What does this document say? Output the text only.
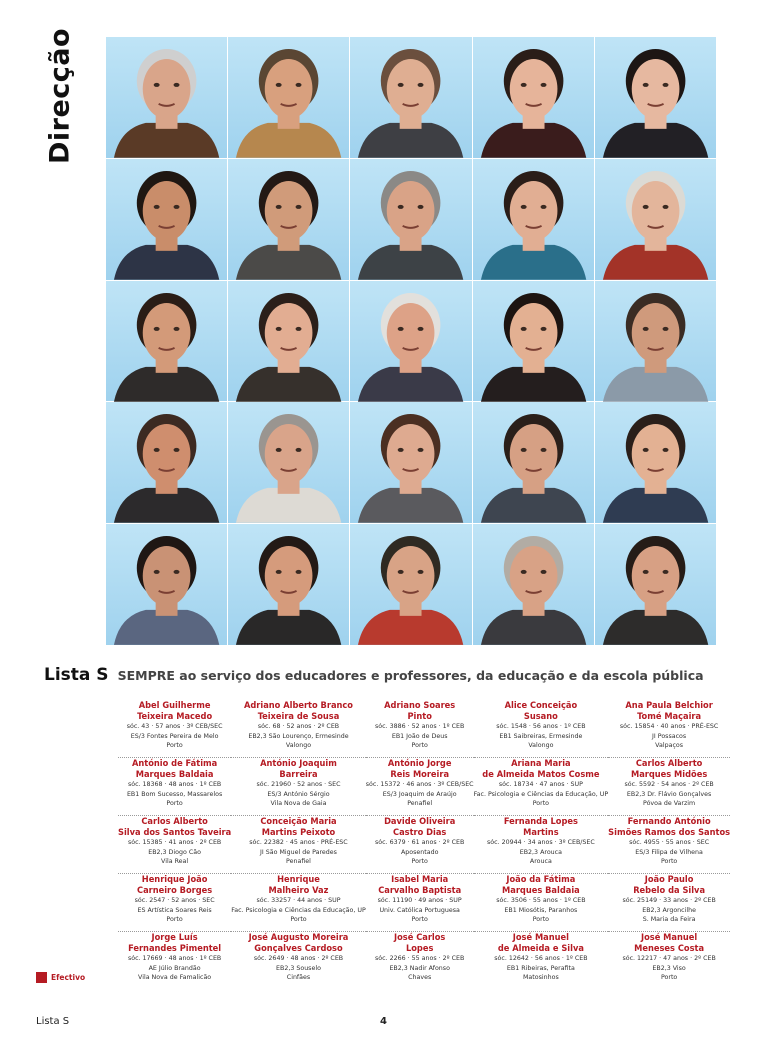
Direcção
Lista S SEMPRE ao serviço dos educadores e professores, da educação e da escola pública
Abel Guilherme
Teixeira Macedo
sóc. 43 · 57 anos · 3º CEB/SEC
ES/3 Fontes Pereira de Melo
Porto
Adriano Alberto Branco
Teixeira de Sousa
sóc. 68 · 52 anos · 2º CEB
EB2,3 São Lourenço, Ermesinde
Valongo
Adriano Soares
Pinto
sóc. 3886 · 52 anos · 1º CEB
EB1 João de Deus
Porto
Alice Conceição
Susano
sóc. 1548 · 56 anos · 1º CEB
EB1 Saibreiras, Ermesinde
Valongo
Ana Paula Belchior
Tomé Maçaira
sóc. 15854 · 40 anos · PRÉ-ESC
JI Possacos
Valpaços
António de Fátima
Marques Baldaia
sóc. 18368 · 48 anos · 1º CEB
EB1 Bom Sucesso, Massarelos
Porto
António Joaquim
Barreira
sóc. 21960 · 52 anos · SEC
ES/3 António Sérgio
Vila Nova de Gaia
António Jorge
Reis Moreira
sóc. 15372 · 46 anos · 3º CEB/SEC
ES/3 Joaquim de Araújo
Penafiel
Ariana Maria
de Almeida Matos Cosme
sóc. 18734 · 47 anos · SUP
Fac. Psicologia e Ciências da Educação, UP
Porto
Carlos Alberto
Marques Midões
sóc. 5592 · 54 anos · 2º CEB
EB2,3 Dr. Flávio Gonçalves
Póvoa de Varzim
Carlos Alberto
Silva dos Santos Taveira
sóc. 15385 · 41 anos · 2º CEB
EB2,3 Diogo Cão
Vila Real
Conceição Maria
Martins Peixoto
sóc. 22382 · 45 anos · PRÉ-ESC
JI São Miguel de Paredes
Penafiel
Davide Oliveira
Castro Dias
sóc. 6379 · 61 anos · 2º CEB
Aposentado
Porto
Fernanda Lopes
Martins
sóc. 20944 · 34 anos · 3º CEB/SEC
EB2,3 Arouca
Arouca
Fernando António
Simões Ramos dos Santos
sóc. 4955 · 55 anos · SEC
ES/3 Filipa de Vilhena
Porto
Henrique João
Carneiro Borges
sóc. 2547 · 52 anos · SEC
ES Artística Soares Reis
Porto
Henrique
Malheiro Vaz
sóc. 33257 · 44 anos · SUP
Fac. Psicologia e Ciências da Educação, UP
Porto
Isabel Maria
Carvalho Baptista
sóc. 11190 · 49 anos · SUP
Univ. Católica Portuguesa
Porto
João da Fátima
Marques Baldaia
sóc. 3506 · 55 anos · 1º CEB
EB1 Miosótis, Paranhos
Porto
João Paulo
Rebelo da Silva
sóc. 25149 · 33 anos · 2º CEB
EB2,3 Argoncilhe
S. Maria da Feira
Jorge Luís
Fernandes Pimentel
sóc. 17669 · 48 anos · 1º CEB
AE Júlio Brandão
Vila Nova de Famalicão
José Augusto Moreira
Gonçalves Cardoso
sóc. 2649 · 48 anos · 2º CEB
EB2,3 Souselo
Cinfães
José Carlos
Lopes
sóc. 2266 · 55 anos · 2º CEB
EB2,3 Nadir Afonso
Chaves
José Manuel
de Almeida e Silva
sóc. 12642 · 56 anos · 1º CEB
EB1 Ribeiras, Perafita
Matosinhos
José Manuel
Meneses Costa
sóc. 12217 · 47 anos · 2º CEB
EB2,3 Viso
Porto
Efectivo
Lista S	4
